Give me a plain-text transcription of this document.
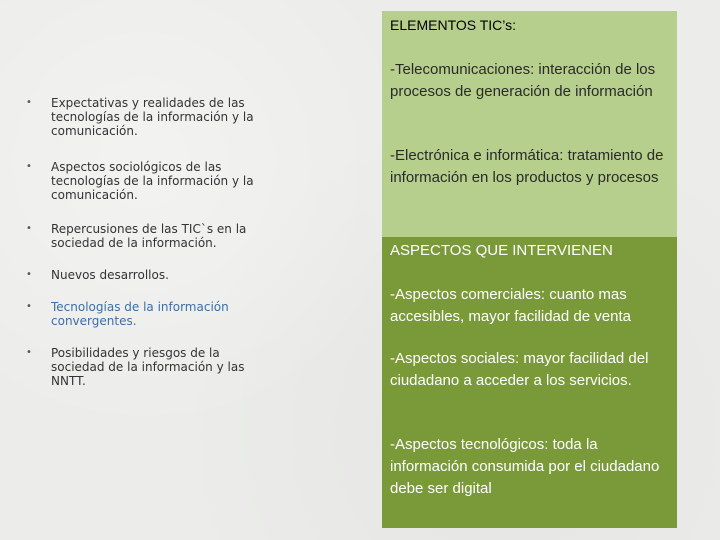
• Expectativas y realidades de las tecnologías de la información y la comunicación.
• Aspectos sociológicos de las tecnologías de la información y la comunicación.
• Repercusiones de las TIC`s en la sociedad de la información.
• Nuevos desarrollos.
• Tecnologías de la información convergentes.
• Posibilidades y riesgos de la sociedad de la información y las NNTT.
ELEMENTOS TIC’s:
-Telecomunicaciones: interacción de los procesos de generación de información
-Electrónica e informática: tratamiento de información en los productos y procesos
ASPECTOS QUE INTERVIENEN
-Aspectos comerciales: cuanto mas accesibles, mayor facilidad de venta
-Aspectos sociales: mayor facilidad del ciudadano a acceder a los servicios.
-Aspectos tecnológicos: toda la información consumida por el ciudadano debe ser digital
